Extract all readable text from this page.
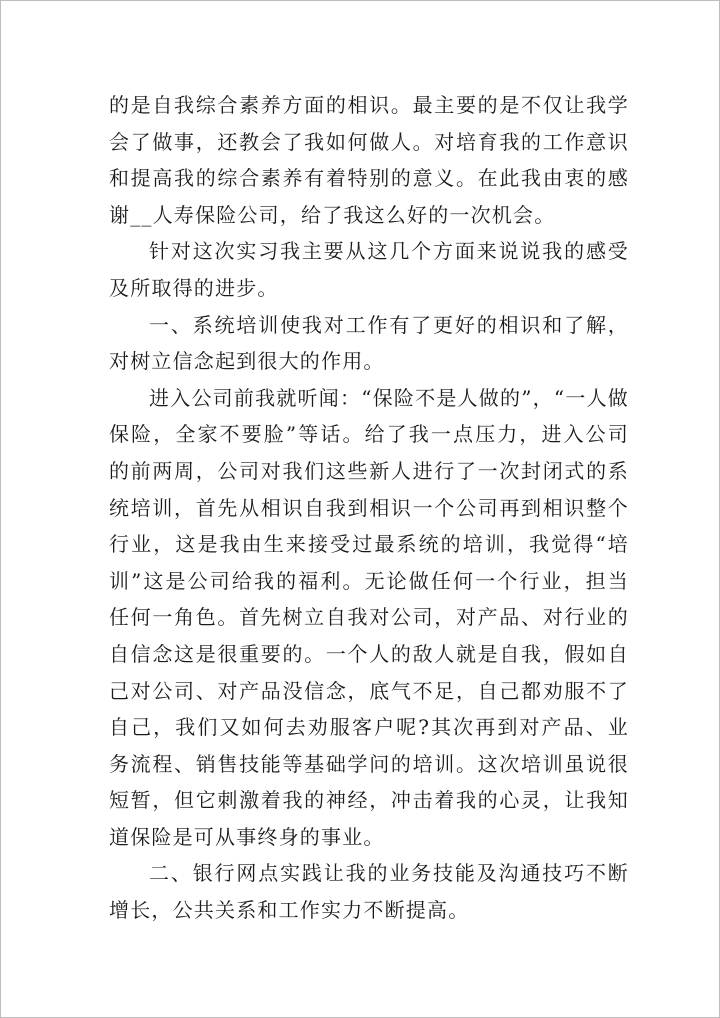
的是自我综合素养方面的相识。最主要的是不仅让我学会了做事，还教会了我如何做人。对培育我的工作意识和提高我的综合素养有着特别的意义。在此我由衷的感谢__人寿保险公司，给了我这么好的一次机会。

针对这次实习我主要从这几个方面来说说我的感受及所取得的进步。

一、系统培训使我对工作有了更好的相识和了解，对树立信念起到很大的作用。

进入公司前我就听闻：“保险不是人做的”，“一人做保险，全家不要脸”等话。给了我一点压力，进入公司的前两周，公司对我们这些新人进行了一次封闭式的系统培训，首先从相识自我到相识一个公司再到相识整个行业，这是我由生来接受过最系统的培训，我觉得“培训”这是公司给我的福利。无论做任何一个行业，担当任何一角色。首先树立自我对公司，对产品、对行业的自信念这是很重要的。一个人的敌人就是自我，假如自己对公司、对产品没信念，底气不足，自己都劝服不了自己，我们又如何去劝服客户呢?其次再到对产品、业务流程、销售技能等基础学问的培训。这次培训虽说很短暂，但它刺激着我的神经，冲击着我的心灵，让我知道保险是可从事终身的事业。

二、银行网点实践让我的业务技能及沟通技巧不断增长，公共关系和工作实力不断提高。
